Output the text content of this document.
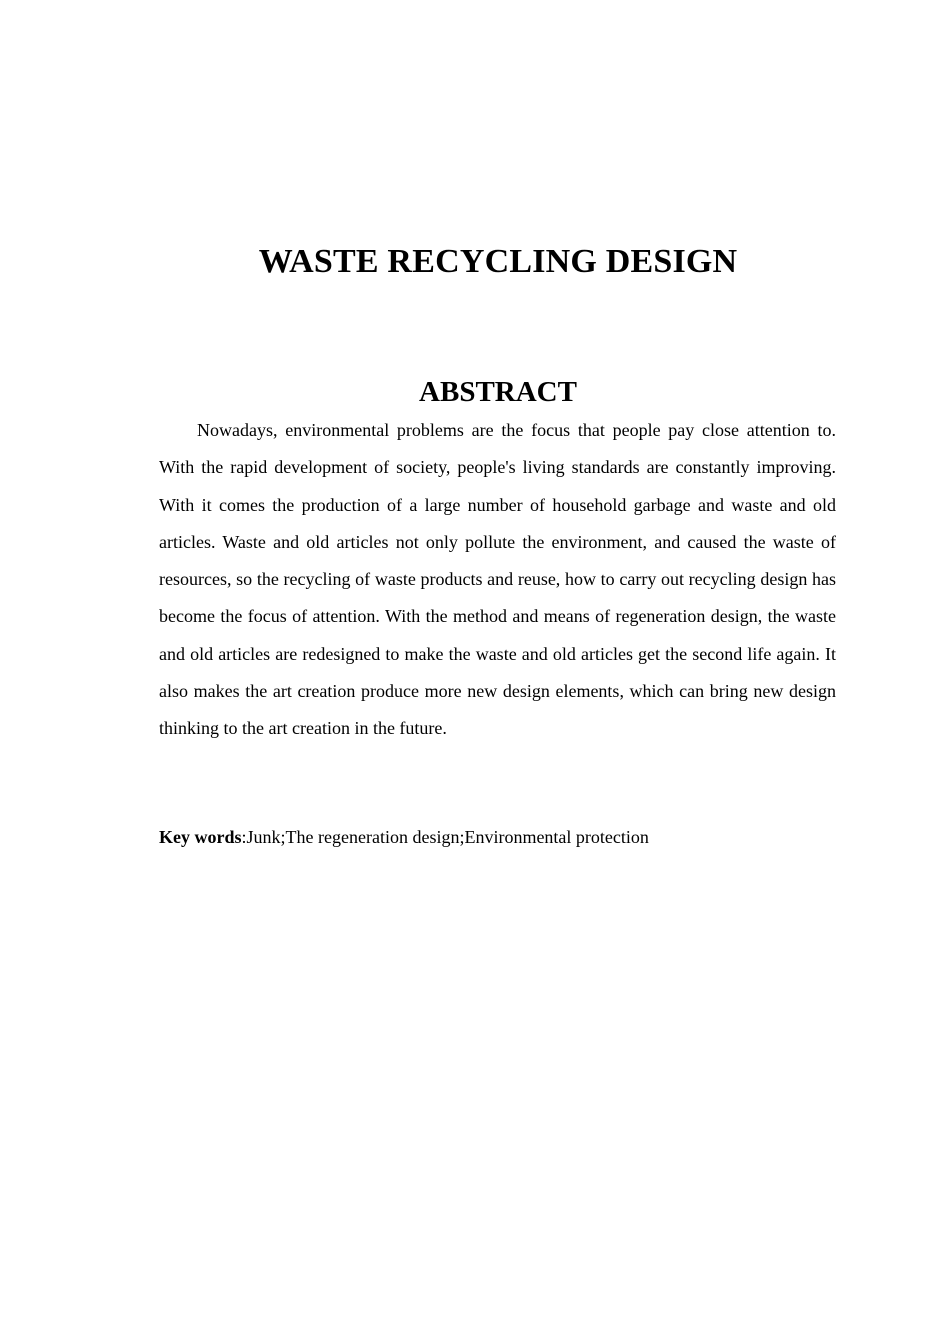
WASTE RECYCLING DESIGN
ABSTRACT

Nowadays, environmental problems are the focus that people pay close attention to. With the rapid development of society, people's living standards are constantly improving. With it comes the production of a large number of household garbage and waste and old articles. Waste and old articles not only pollute the environment, and caused the waste of resources, so the recycling of waste products and reuse, how to carry out recycling design has become the focus of attention. With the method and means of regeneration design, the waste and old articles are redesigned to make the waste and old articles get the second life again. It also makes the art creation produce more new design elements, which can bring new design thinking to the art creation in the future.

Key words:Junk;The regeneration design;Environmental protection
